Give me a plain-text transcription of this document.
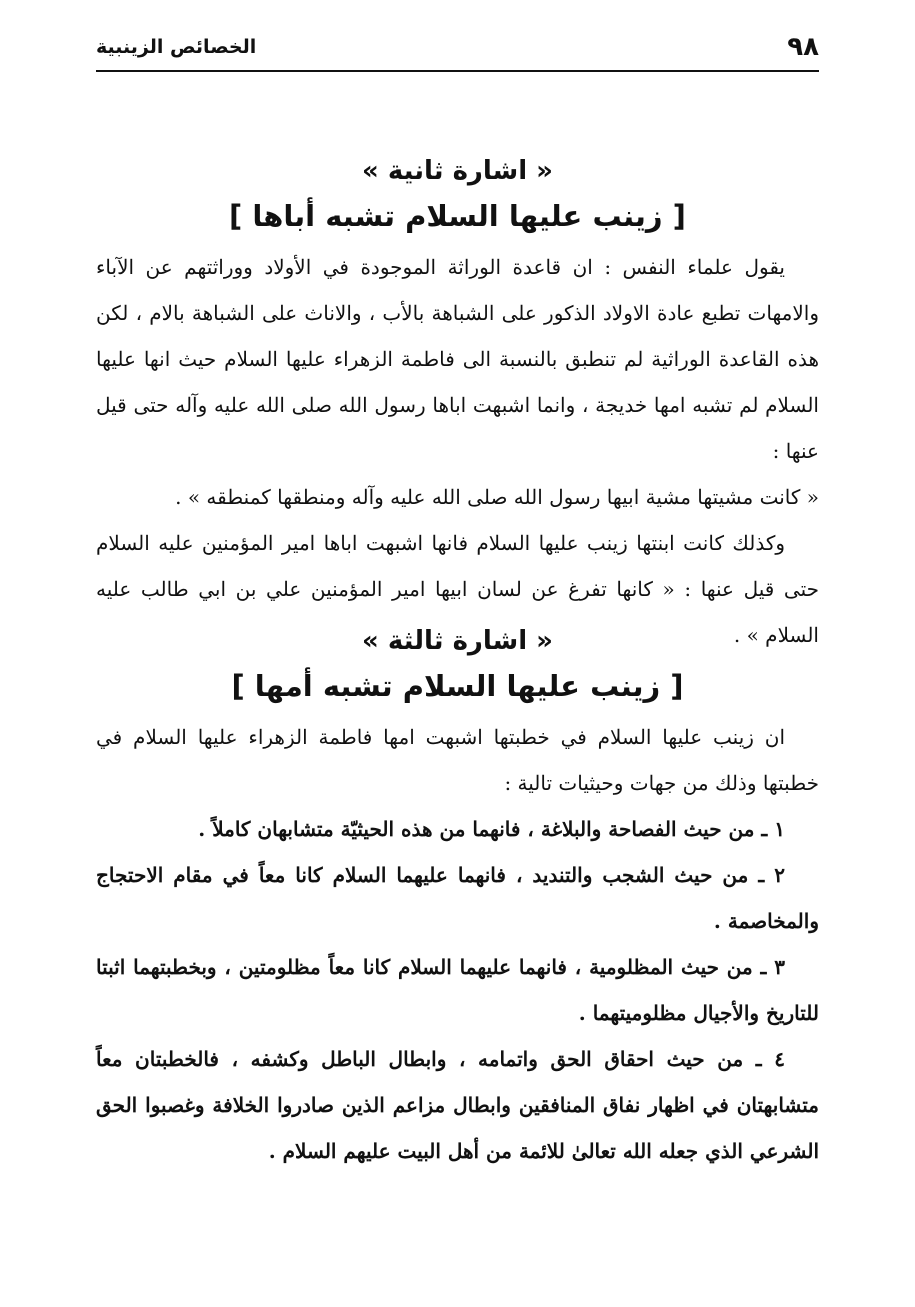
٩٨
الخصائص الزينبية
« اشارة ثانية »
[ زينب عليها السلام تشبه أباها ]

يقول علماء النفس : ان قاعدة الوراثة الموجودة في الأولاد ووراثتهم عن الآباء والامهات تطبع عادة الاولاد الذكور على الشباهة بالأب ، والاناث على الشباهة بالام ، لكن هذه القاعدة الوراثية لم تنطبق بالنسبة الى فاطمة الزهراء عليها السلام حيث انها عليها السلام لم تشبه امها خديجة ، وانما اشبهت اباها رسول الله صلى الله عليه وآله حتى قيل عنها :

« كانت مشيتها مشية ابيها رسول الله صلى الله عليه وآله ومنطقها كمنطقه » .

وكذلك كانت ابنتها زينب عليها السلام فانها اشبهت اباها امير المؤمنين عليه السلام حتى قيل عنها : « كانها تفرغ عن لسان ابيها امير المؤمنين علي بن ابي طالب عليه السلام » .

« اشارة ثالثة »
[ زينب عليها السلام تشبه أمها ]

ان زينب عليها السلام في خطبتها اشبهت امها فاطمة الزهراء عليها السلام في خطبتها وذلك من جهات وحيثيات تالية :

١ ـ من حيث الفصاحة والبلاغة ، فانهما من هذه الحيثيّة متشابهان كاملاً .

٢ ـ من حيث الشجب والتنديد ، فانهما عليهما السلام كانا معاً في مقام الاحتجاج والمخاصمة .

٣ ـ من حيث المظلومية ، فانهما عليهما السلام كانا معاً مظلومتين ، وبخطبتهما اثبتا للتاريخ والأجيال مظلوميتهما .

٤ ـ من حيث احقاق الحق واتمامه ، وابطال الباطل وكشفه ، فالخطبتان معاً متشابهتان في اظهار نفاق المنافقين وابطال مزاعم الذين صادروا الخلافة وغصبوا الحق الشرعي الذي جعله الله تعالىٰ للائمة من أهل البيت عليهم السلام .
